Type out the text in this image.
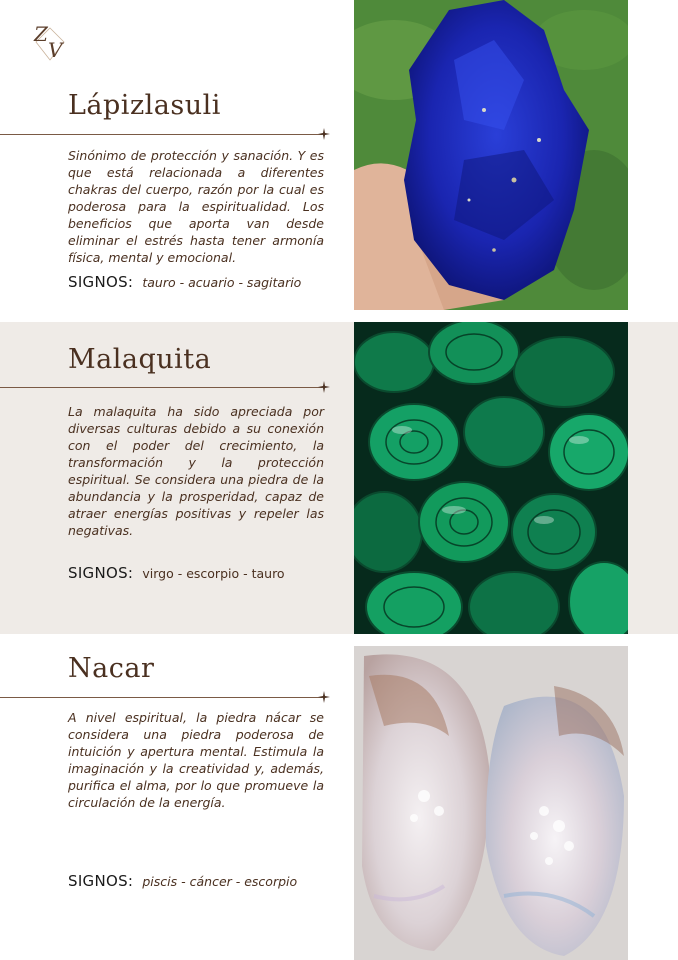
Z
V
Lápizlasuli

Sinónimo de protección y sanación. Y es que está relacionada a diferentes chakras del cuerpo, razón por la cual es poderosa para la espiritualidad. Los beneficios que aporta van desde eliminar el estrés hasta tener armonía física, mental y emocional.

SIGNOS: tauro - acuario - sagitario
Malaquita

La malaquita ha sido apreciada por diversas culturas debido a su conexión con el poder del crecimiento, la transformación y la protección espiritual. Se considera una piedra de la abundancia y la prosperidad, capaz de atraer energías positivas y repeler las negativas.

SIGNOS: virgo - escorpio - tauro
Nacar

A nivel espiritual, la piedra nácar se considera una piedra poderosa de intuición y apertura mental. Estimula la imaginación y la creatividad y, además, purifica el alma, por lo que promueve la circulación de la energía.

SIGNOS: piscis - cáncer - escorpio
